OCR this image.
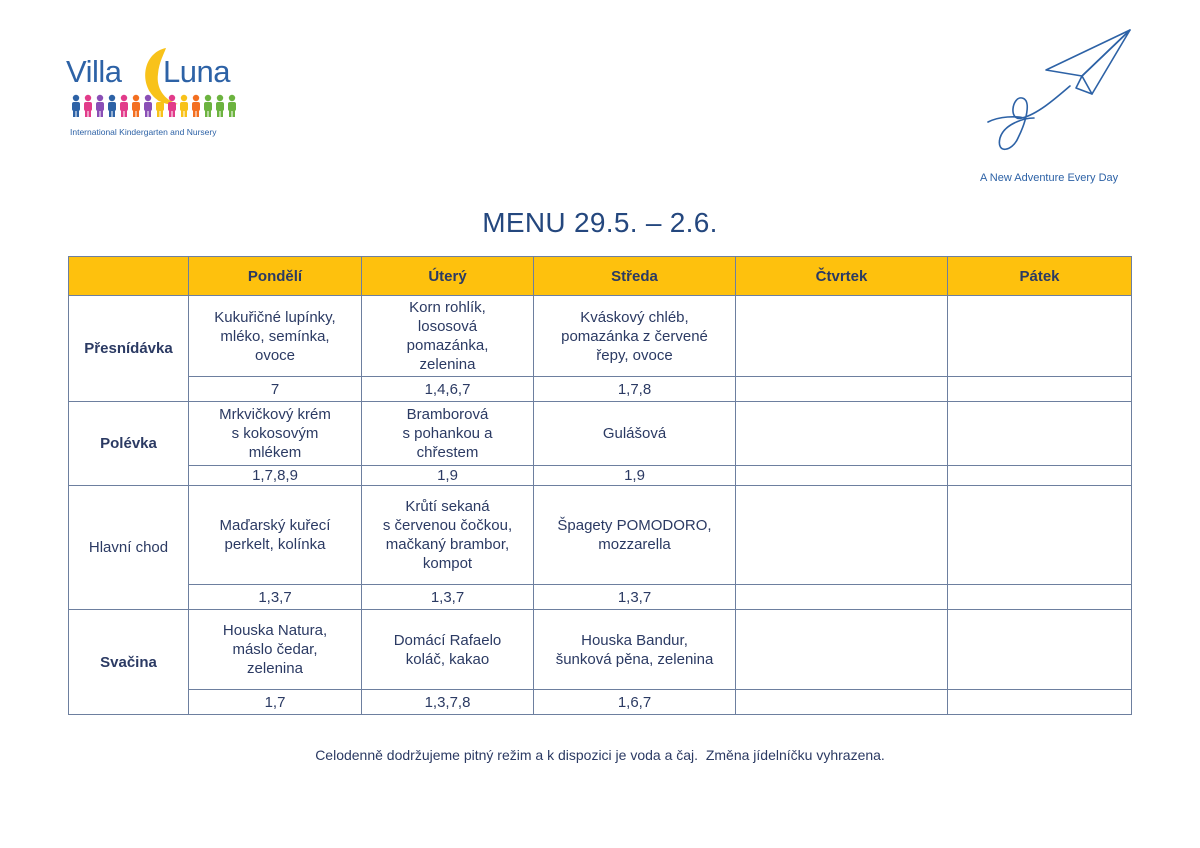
Villa Luna
International Kindergarten and Nursery
A New Adventure Every Day
MENU 29.5. – 2.6.
	Pondělí	Úterý	Středa	Čtvrtek	Pátek
Přesnídávka	Kukuřičné lupínky,
mléko, semínka,
ovoce	Korn rohlík,
lososová
pomazánka,
zelenina	Kváskový chléb,
pomazánka z červené
řepy, ovoce		
	7	1,4,6,7	1,7,8		
Polévka	Mrkvičkový krém
s kokosovým
mlékem	Bramborová
s pohankou a
chřestem	Gulášová		
	1,7,8,9	1,9	1,9		
Hlavní chod	Maďarský kuřecí
perkelt, kolínka	Krůtí sekaná
s červenou čočkou,
mačkaný brambor,
kompot	Špagety POMODORO,
mozzarella		
	1,3,7	1,3,7	1,3,7		
Svačina	Houska Natura,
máslo čedar,
zelenina	Domácí Rafaelo
koláč, kakao	Houska Bandur,
šunková pěna, zelenina		
	1,7	1,3,7,8	1,6,7		
Celodenně dodržujeme pitný režim a k dispozici je voda a čaj.  Změna jídelníčku vyhrazena.
